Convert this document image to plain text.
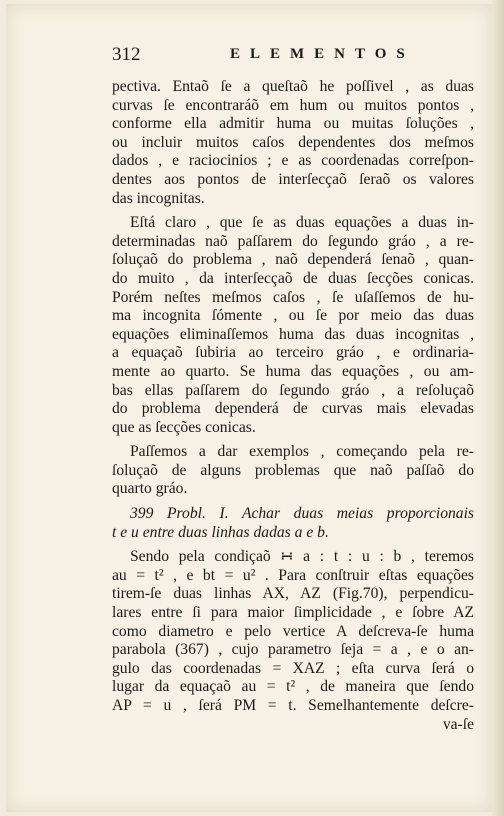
312	ELEMENTOS
pectiva. Entaõ ſe a queſtaõ he poſſivel , as duas
curvas ſe encontraráõ em hum ou muitos pontos ,
conforme ella admitir huma ou muitas ſoluções ,
ou incluir muitos caſos dependentes dos meſmos
dados , e raciocinios ; e as coordenadas correſpon-
dentes aos pontos de interſecçaõ ſeraõ os valores
das incognitas.
Eſtá claro , que ſe as duas equações a duas in-
determinadas naõ paſſarem do ſegundo gráo , a re-
ſoluçaõ do problema , naõ dependerá ſenaõ , quan-
do muito , da interſecçaõ de duas ſecções conicas.
Porém neſtes meſmos caſos , ſe uſaſſemos de hu-
ma incognita ſómente , ou ſe por meio das duas
equações eliminaſſemos huma das duas incognitas ,
a equaçaõ ſubiria ao terceiro gráo , e ordinaria-
mente ao quarto. Se huma das equações , ou am-
bas ellas paſſarem do ſegundo gráo , a reſoluçaõ
do problema dependerá de curvas mais elevadas
que as ſecções conicas.
Paſſemos a dar exemplos , começando pela re-
ſoluçaõ de alguns problemas que naõ paſſaõ do
quarto gráo.
399 Probl. I. Achar duas meias proporcionais
t e u entre duas linhas dadas a e b.
Sendo pela condiçaõ ∺ a : t : u : b , teremos
au = t² , e bt = u² . Para conſtruir eſtas equações
tirem-ſe duas linhas AX, AZ (Fig.70), perpendicu-
lares entre ſi para maior ſimplicidade , e ſobre AZ
como diametro e pelo vertice A deſcreva-ſe huma
parabola (367) , cujo parametro ſeja = a , e o an-
gulo das coordenadas = XAZ ; eſta curva ſerá o
lugar da equaçaõ au = t² , de maneira que ſendo
AP = u , ſerá PM = t. Semelhantemente deſcre-
va-ſe
